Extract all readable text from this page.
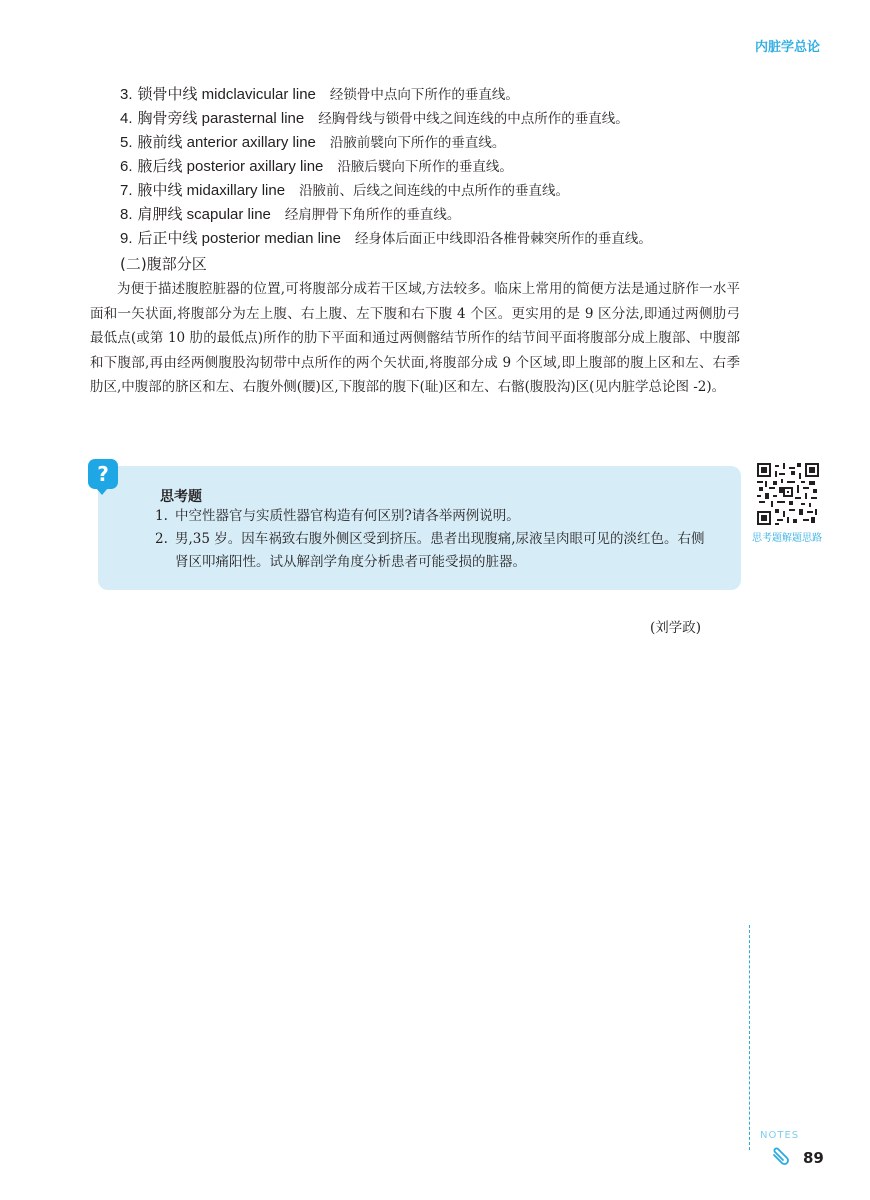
内脏学总论
3. 锁骨中线 midclavicular line 经锁骨中点向下所作的垂直线。
4. 胸骨旁线 parasternal line 经胸骨线与锁骨中线之间连线的中点所作的垂直线。
5. 腋前线 anterior axillary line 沿腋前襞向下所作的垂直线。
6. 腋后线 posterior axillary line 沿腋后襞向下所作的垂直线。
7. 腋中线 midaxillary line 沿腋前、后线之间连线的中点所作的垂直线。
8. 肩胛线 scapular line 经肩胛骨下角所作的垂直线。
9. 后正中线 posterior median line 经身体后面正中线即沿各椎骨棘突所作的垂直线。
(二)腹部分区

为便于描述腹腔脏器的位置,可将腹部分成若干区域,方法较多。临床上常用的简便方法是通过脐作一水平面和一矢状面,将腹部分为左上腹、右上腹、左下腹和右下腹 4 个区。更实用的是 9 区分法,即通过两侧肋弓最低点(或第 10 肋的最低点)所作的肋下平面和通过两侧髂结节所作的结节间平面将腹部分成上腹部、中腹部和下腹部,再由经两侧腹股沟韧带中点所作的两个矢状面,将腹部分成 9 个区域,即上腹部的腹上区和左、右季肋区,中腹部的脐区和左、右腹外侧(腰)区,下腹部的腹下(耻)区和左、右髂(腹股沟)区(见内脏学总论图 -2)。

?
思考题
1. 中空性器官与实质性器官构造有何区别?请各举两例说明。
2. 男,35 岁。因车祸致右腹外侧区受到挤压。患者出现腹痛,尿液呈肉眼可见的淡红色。右侧肾区叩痛阳性。试从解剖学角度分析患者可能受损的脏器。
思考题解题思路
(刘学政)
NOTES
89
